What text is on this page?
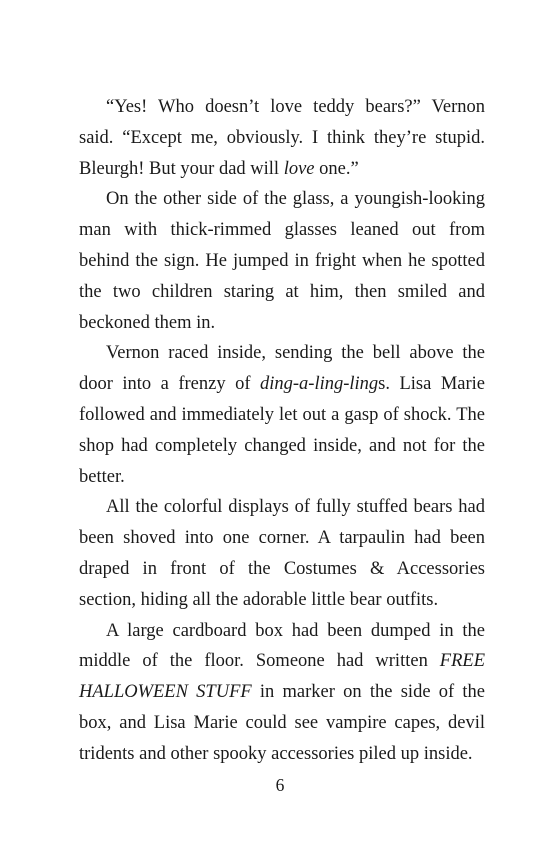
“Yes! Who doesn’t love teddy bears?” Vernon said. “Except me, obviously. I think they’re stupid. Bleurgh! But your dad will love one.”

On the other side of the glass, a youngish-looking man with thick-rimmed glasses leaned out from behind the sign. He jumped in fright when he spotted the two children staring at him, then smiled and beckoned them in.

Vernon raced inside, sending the bell above the door into a frenzy of ding-a-ling-lings. Lisa Marie followed and immediately let out a gasp of shock. The shop had completely changed inside, and not for the better.

All the colorful displays of fully stuffed bears had been shoved into one corner. A tarpaulin had been draped in front of the Costumes & Accessories section, hiding all the adorable little bear outfits.

A large cardboard box had been dumped in the middle of the floor. Someone had written FREE HALLOWEEN STUFF in marker on the side of the box, and Lisa Marie could see vampire capes, devil tridents and other spooky accessories piled up inside.

6
